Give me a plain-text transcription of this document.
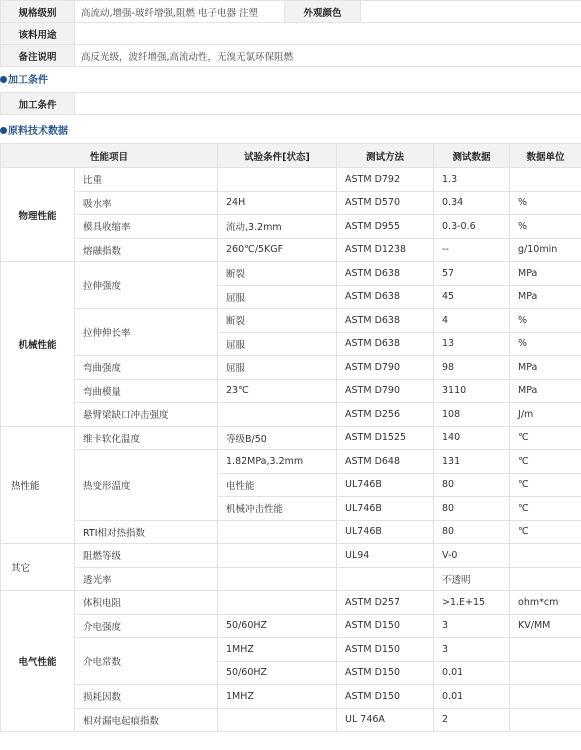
规格级别	高流动,增强-玻纤增强,阻燃 电子电器 注塑	外观颜色	
该料用途			
备注说明	高反光级，波纤增强,高流动性，无溴无氯环保阻燃		
加工条件
加工条件	
原料技术数据
性能项目		试验条件[状态]	测试方法	测试数据	数据单位
物理性能	比重		ASTM D792	1.3	
	吸水率	24H	ASTM D570	0.34	%
	模具收缩率	流动,3.2mm	ASTM D955	0.3-0.6	%
	熔融指数	260℃/5KGF	ASTM D1238	--	g/10min
机械性能	拉伸强度	断裂	ASTM D638	57	MPa
		屈服	ASTM D638	45	MPa
	拉伸伸长率	断裂	ASTM D638	4	%
		屈服	ASTM D638	13	%
	弯曲强度	屈服	ASTM D790	98	MPa
	弯曲模量	23℃	ASTM D790	3110	MPa
	悬臂梁缺口冲击强度		ASTM D256	108	J/m
热性能	维卡软化温度	等级B/50	ASTM D1525	140	℃
	热变形温度	1.82MPa,3.2mm	ASTM D648	131	℃
		电性能	UL746B	80	℃
		机械冲击性能	UL746B	80	℃
	RTI相对热指数		UL746B	80	℃
其它	阻燃等级		UL94	V-0	
	透光率			不透明	
电气性能	体积电阻		ASTM D257	>1.E+15	ohm*cm
	介电强度	50/60HZ	ASTM D150	3	KV/MM
	介电常数	1MHZ	ASTM D150	3	
		50/60HZ	ASTM D150	0.01	
	损耗因数	1MHZ	ASTM D150	0.01	
	相对漏电起痕指数		UL 746A	2	
